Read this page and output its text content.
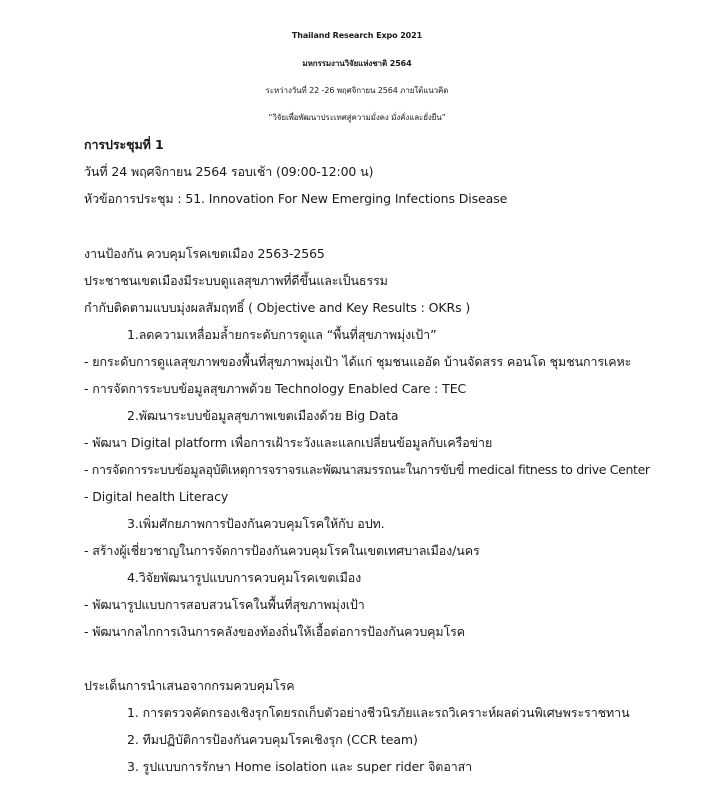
Thailand Research Expo 2021
มหกรรมงานวิจัยแห่งชาติ 2564
ระหว่างวันที่ 22 -26 พฤศจิกายน 2564 ภายใต้แนวคิด
“วิจัยเพื่อพัฒนาประเทศสู่ความมั่งคง มั่งคั่งและยั่งยืน”
การประชุมที่ 1
วันที่ 24 พฤศจิกายน 2564 รอบเช้า (09:00-12:00 น)
หัวข้อการประชุม : 51. Innovation For New Emerging Infections Disease
งานป้องกัน ควบคุมโรคเขตเมือง 2563-2565
ประชาชนเขตเมืองมีระบบดูแลสุขภาพที่ดีขึ้นและเป็นธรรม
กำกับติดตามแบบมุ่งผลสัมฤทธิ์ ( Objective and Key Results : OKRs )
1.ลดความเหลื่อมล้ำยกระดับการดูแล “พื้นที่สุขภาพมุ่งเป้า”
- ยกระดับการดูแลสุขภาพของพื้นที่สุขภาพมุ่งเป้า ได้แก่ ชุมชนแออัด บ้านจัดสรร คอนโด ชุมชนการเคหะ
- การจัดการระบบข้อมูลสุขภาพด้วย Technology Enabled Care : TEC
2.พัฒนาระบบข้อมูลสุขภาพเขตเมืองด้วย Big Data
- พัฒนา Digital platform เพื่อการเฝ้าระวังและแลกเปลี่ยนข้อมูลกับเครือข่าย
- การจัดการระบบข้อมูลอุบัติเหตุการจราจรและพัฒนาสมรรถนะในการขับขี่ medical fitness to drive Center
- Digital health Literacy
3.เพิ่มศักยภาพการป้องกันควบคุมโรคให้กับ อปท.
- สร้างผู้เชี่ยวชาญในการจัดการป้องกันควบคุมโรคในเขตเทศบาลเมือง/นคร
4.วิจัยพัฒนารูปแบบการควบคุมโรคเขตเมือง
- พัฒนารูปแบบการสอบสวนโรคในพื้นที่สุขภาพมุ่งเป้า
- พัฒนากลไกการเงินการคลังของท้องถิ่นให้เอื้อต่อการป้องกันควบคุมโรค
ประเด็นการนำเสนอจากกรมควบคุมโรค
1. การตรวจคัดกรองเชิงรุกโดยรถเก็บตัวอย่างชีวนิรภัยและรถวิเคราะห์ผลด่วนพิเศษพระราชทาน
2. ทีมปฏิบัติการป้องกันควบคุมโรคเชิงรุก (CCR team)
3. รูปแบบการรักษา Home isolation และ super rider จิตอาสา
